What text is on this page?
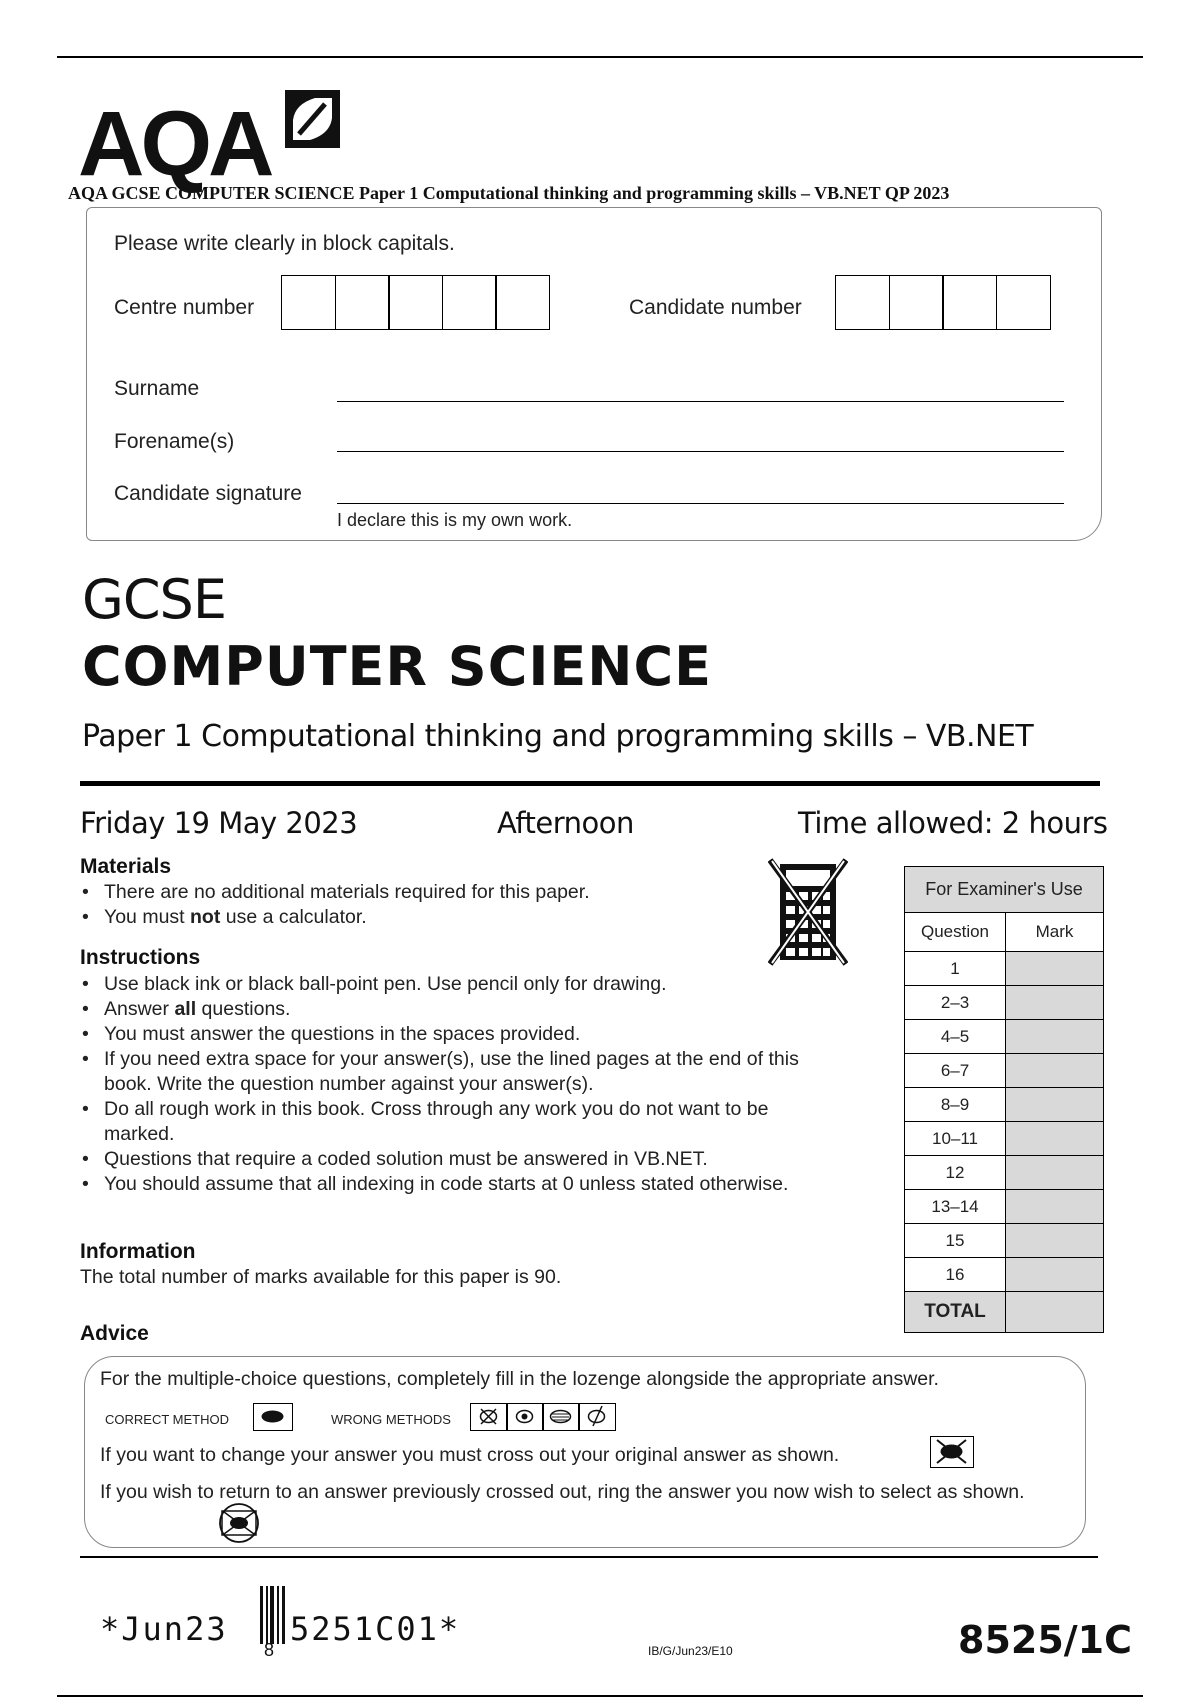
AQA
AQA GCSE COMPUTER SCIENCE Paper 1 Computational thinking and programming skills – VB.NET QP 2023
Please write clearly in block capitals.
Centre number	Candidate number
Surname
Forename(s)
Candidate signature
I declare this is my own work.
GCSE
COMPUTER SCIENCE
Paper 1 Computational thinking and programming skills – VB.NET
Friday 19 May 2023	Afternoon	Time allowed: 2 hours
Materials
• There are no additional materials required for this paper.
• You must not use a calculator.
Instructions
• Use black ink or black ball-point pen. Use pencil only for drawing.
• Answer all questions.
• You must answer the questions in the spaces provided.
• If you need extra space for your answer(s), use the lined pages at the end of this book. Write the question number against your answer(s).
• Do all rough work in this book. Cross through any work you do not want to be marked.
• Questions that require a coded solution must be answered in VB.NET.
• You should assume that all indexing in code starts at 0 unless stated otherwise.
Information
The total number of marks available for this paper is 90.
For Examiner's Use	
Question	Mark
1	
2–3	
4–5	
6–7	
8–9	
10–11	
12	
13–14	
15	
16	
TOTAL	
Advice
For the multiple-choice questions, completely fill in the lozenge alongside the appropriate answer.
CORRECT METHOD	WRONG METHODS
If you want to change your answer you must cross out your original answer as shown.
If you wish to return to an answer previously crossed out, ring the answer you now wish to select as shown.
*Jun23
8
5251C01*
IB/G/Jun23/E10	8525/1C
